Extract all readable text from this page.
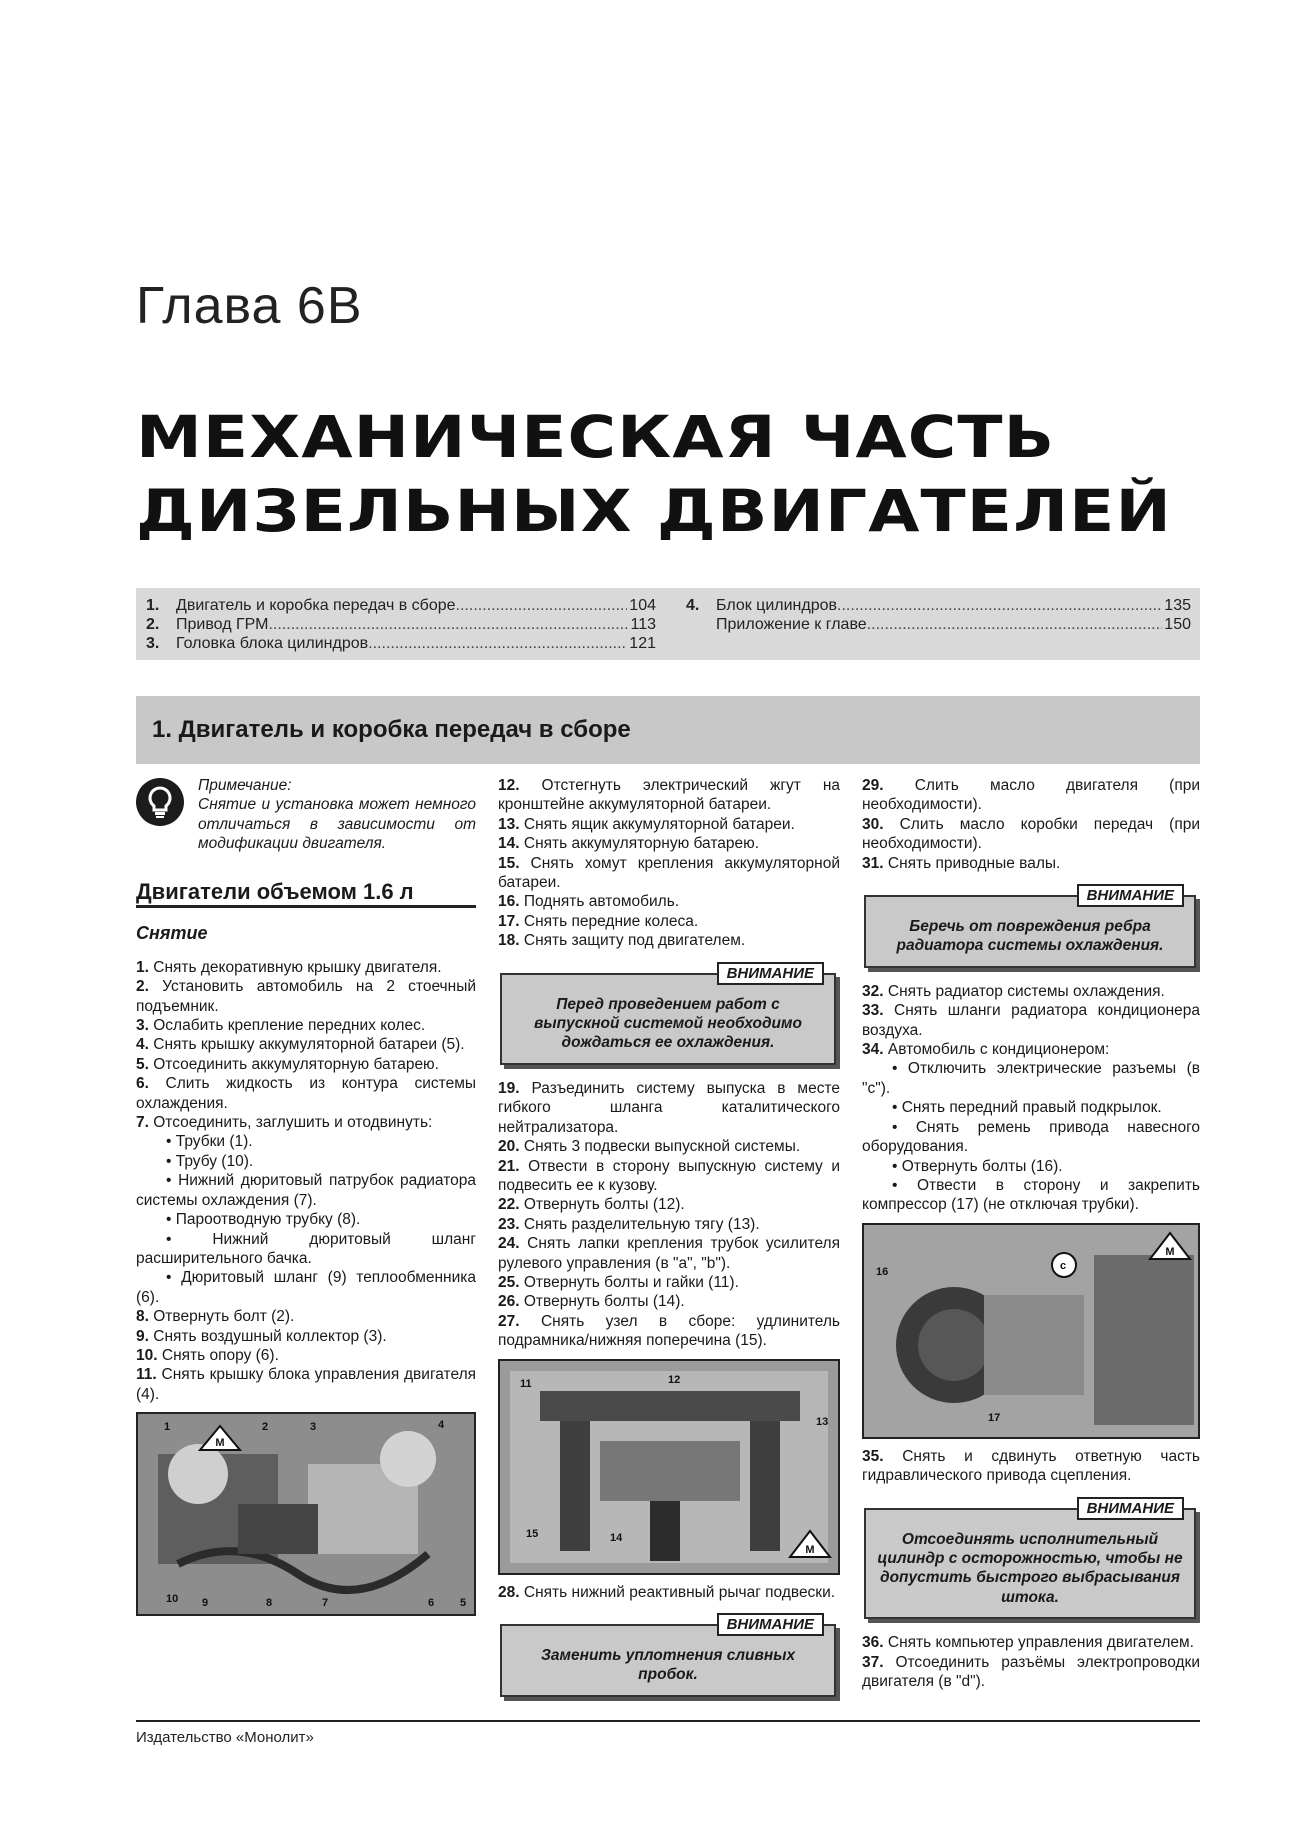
Глава 6В
МЕХАНИЧЕСКАЯ ЧАСТЬ
ДИЗЕЛЬНЫХ ДВИГАТЕЛЕЙ
1.	Двигатель и коробка передач в сборе .....	104
2.	Привод ГРМ .....	113
3.	Головка блока цилиндров .....	121
4.	Блок цилиндров .....	135
Приложение к главе .....	150
1. Двигатель и коробка передач в сборе
Примечание:
Снятие и установка может немного отличаться в зависимости от модификации двигателя.
Двигатели объемом 1.6 л
Снятие

1. Снять декоративную крышку двигателя.

2. Установить автомобиль на 2 стоечный подъемник.

3. Ослабить крепление передних колес.

4. Снять крышку аккумуляторной батареи (5).

5. Отсоединить аккумуляторную батарею.

6. Слить жидкость из контура системы охлаждения.

7. Отсоединить, заглушить и отодвинуть:

• Трубки (1).

• Трубу (10).

• Нижний дюритовый патрубок радиатора системы охлаждения (7).

• Пароотводную трубку (8).

• Нижний дюритовый шланг расширительного бачка.

• Дюритовый шланг (9) теплообменника (6).

8. Отвернуть болт (2).

9. Снять воздушный коллектор (3).

10. Снять опору (6).

11. Снять крышку блока управления двигателя (4).

M
1	2	3	4
5
6
7
8
9
10

12. Отстегнуть электрический жгут на кронштейне аккумуляторной батареи.

13. Снять ящик аккумуляторной батареи.

14. Снять аккумуляторную батарею.

15. Снять хомут крепления аккумуляторной батареи.

16. Поднять автомобиль.

17. Снять передние колеса.

18. Снять защиту под двигателем.

ВНИМАНИЕ
Перед проведением работ с выпускной системой необходимо дождаться ее охлаждения.

19. Разъединить систему выпуска в месте гибкого шланга каталитического нейтрализатора.

20. Снять 3 подвески выпускной системы.

21. Отвести в сторону выпускную систему и подвесить ее к кузову.

22. Отвернуть болты (12).

23. Снять разделительную тягу (13).

24. Снять лапки крепления трубок усилителя рулевого управления (в "a", "b").

25. Отвернуть болты и гайки (11).

26. Отвернуть болты (14).

27. Снять узел в сборе: удлинитель подрамника/нижняя поперечина (15).

M
11	12
13
14
15

28. Снять нижний реактивный рычаг подвески.

ВНИМАНИЕ
Заменить уплотнения сливных пробок.

29. Слить масло двигателя (при необходимости).

30. Слить масло коробки передач (при необходимости).

31. Снять приводные валы.

ВНИМАНИЕ
Беречь от повреждения ребра радиатора системы охлаждения.

32. Снять радиатор системы охлаждения.

33. Снять шланги радиатора кондиционера воздуха.

34. Автомобиль с кондиционером:

• Отключить электрические разъемы (в "c").

• Снять передний правый подкрылок.

• Снять ремень привода навесного оборудования.

• Отвернуть болты (16).

• Отвести в сторону и закрепить компрессор (17) (не отключая трубки).

M
16
17
c

35. Снять и сдвинуть ответную часть гидравлического привода сцепления.

ВНИМАНИЕ
Отсоединять исполнительный цилиндр с осторожностью, чтобы не допустить быстрого выбрасывания штока.

36. Снять компьютер управления двигателем.

37. Отсоединить разъёмы электропроводки двигателя (в "d").

Издательство «Монолит»
